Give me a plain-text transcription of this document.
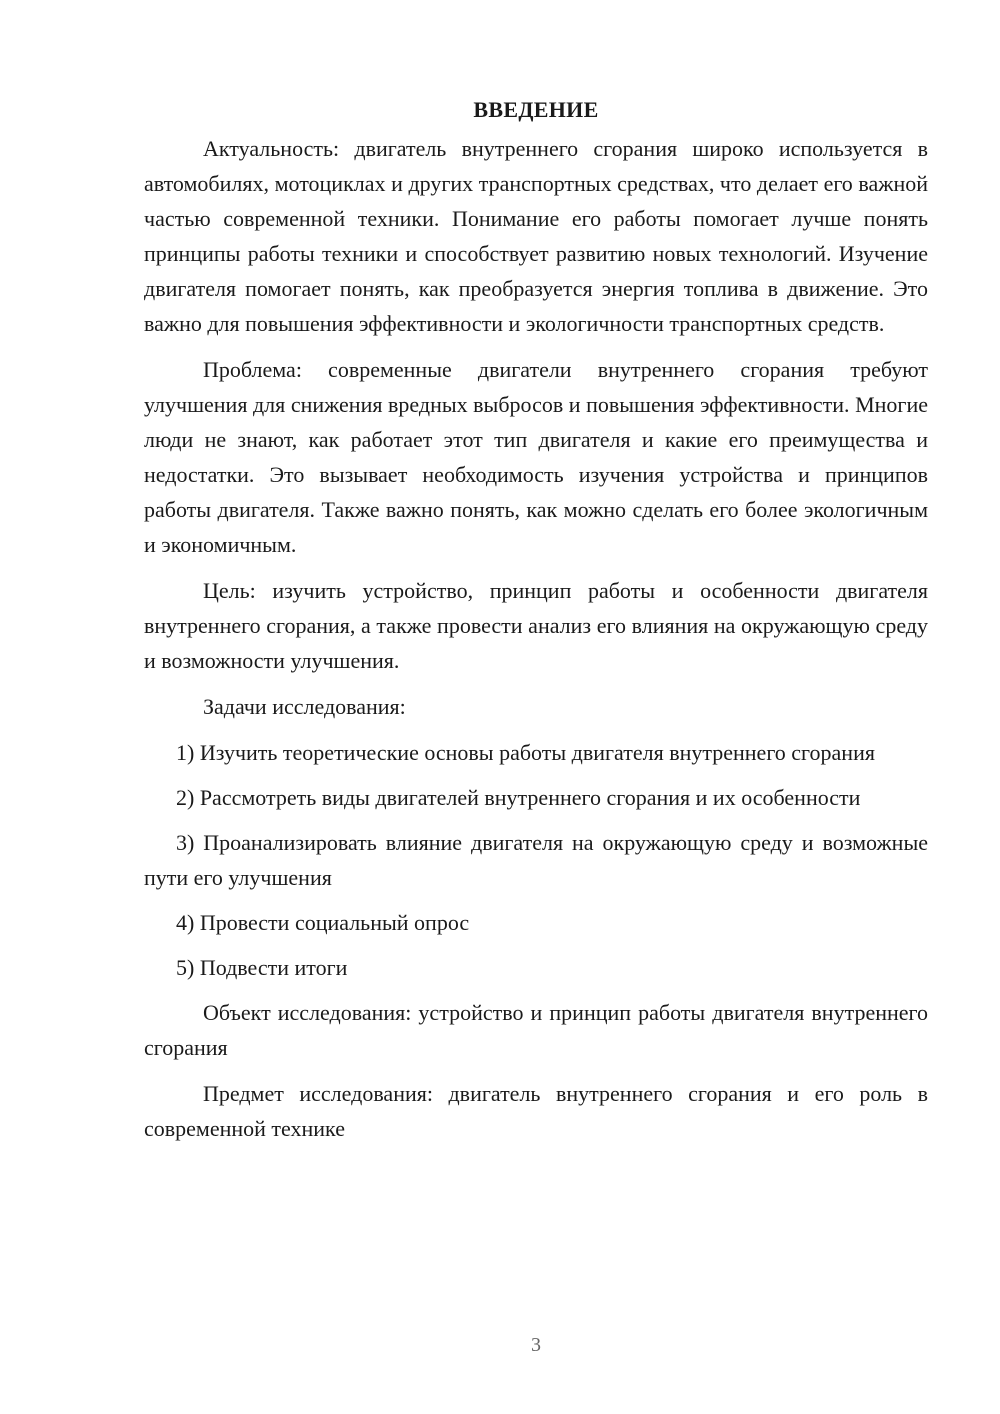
ВВЕДЕНИЕ

Актуальность: двигатель внутреннего сгорания широко используется в автомобилях, мотоциклах и других транспортных средствах, что делает его важной частью современной техники. Понимание его работы помогает лучше понять принципы работы техники и способствует развитию новых технологий. Изучение двигателя помогает понять, как преобразуется энергия топлива в движение. Это важно для повышения эффективности и экологичности транспортных средств.

Проблема: современные двигатели внутреннего сгорания требуют улучшения для снижения вредных выбросов и повышения эффективности. Многие люди не знают, как работает этот тип двигателя и какие его преимущества и недостатки. Это вызывает необходимость изучения устройства и принципов работы двигателя. Также важно понять, как можно сделать его более экологичным и экономичным.

Цель: изучить устройство, принцип работы и особенности двигателя внутреннего сгорания, а также провести анализ его влияния на окружающую среду и возможности улучшения.

Задачи исследования:

1) Изучить теоретические основы работы двигателя внутреннего сгорания

2) Рассмотреть виды двигателей внутреннего сгорания и их особенности

3) Проанализировать влияние двигателя на окружающую среду и возможные пути его улучшения

4) Провести социальный опрос

5) Подвести итоги

Объект исследования: устройство и принцип работы двигателя внутреннего сгорания

Предмет исследования: двигатель внутреннего сгорания и его роль в современной технике

3
